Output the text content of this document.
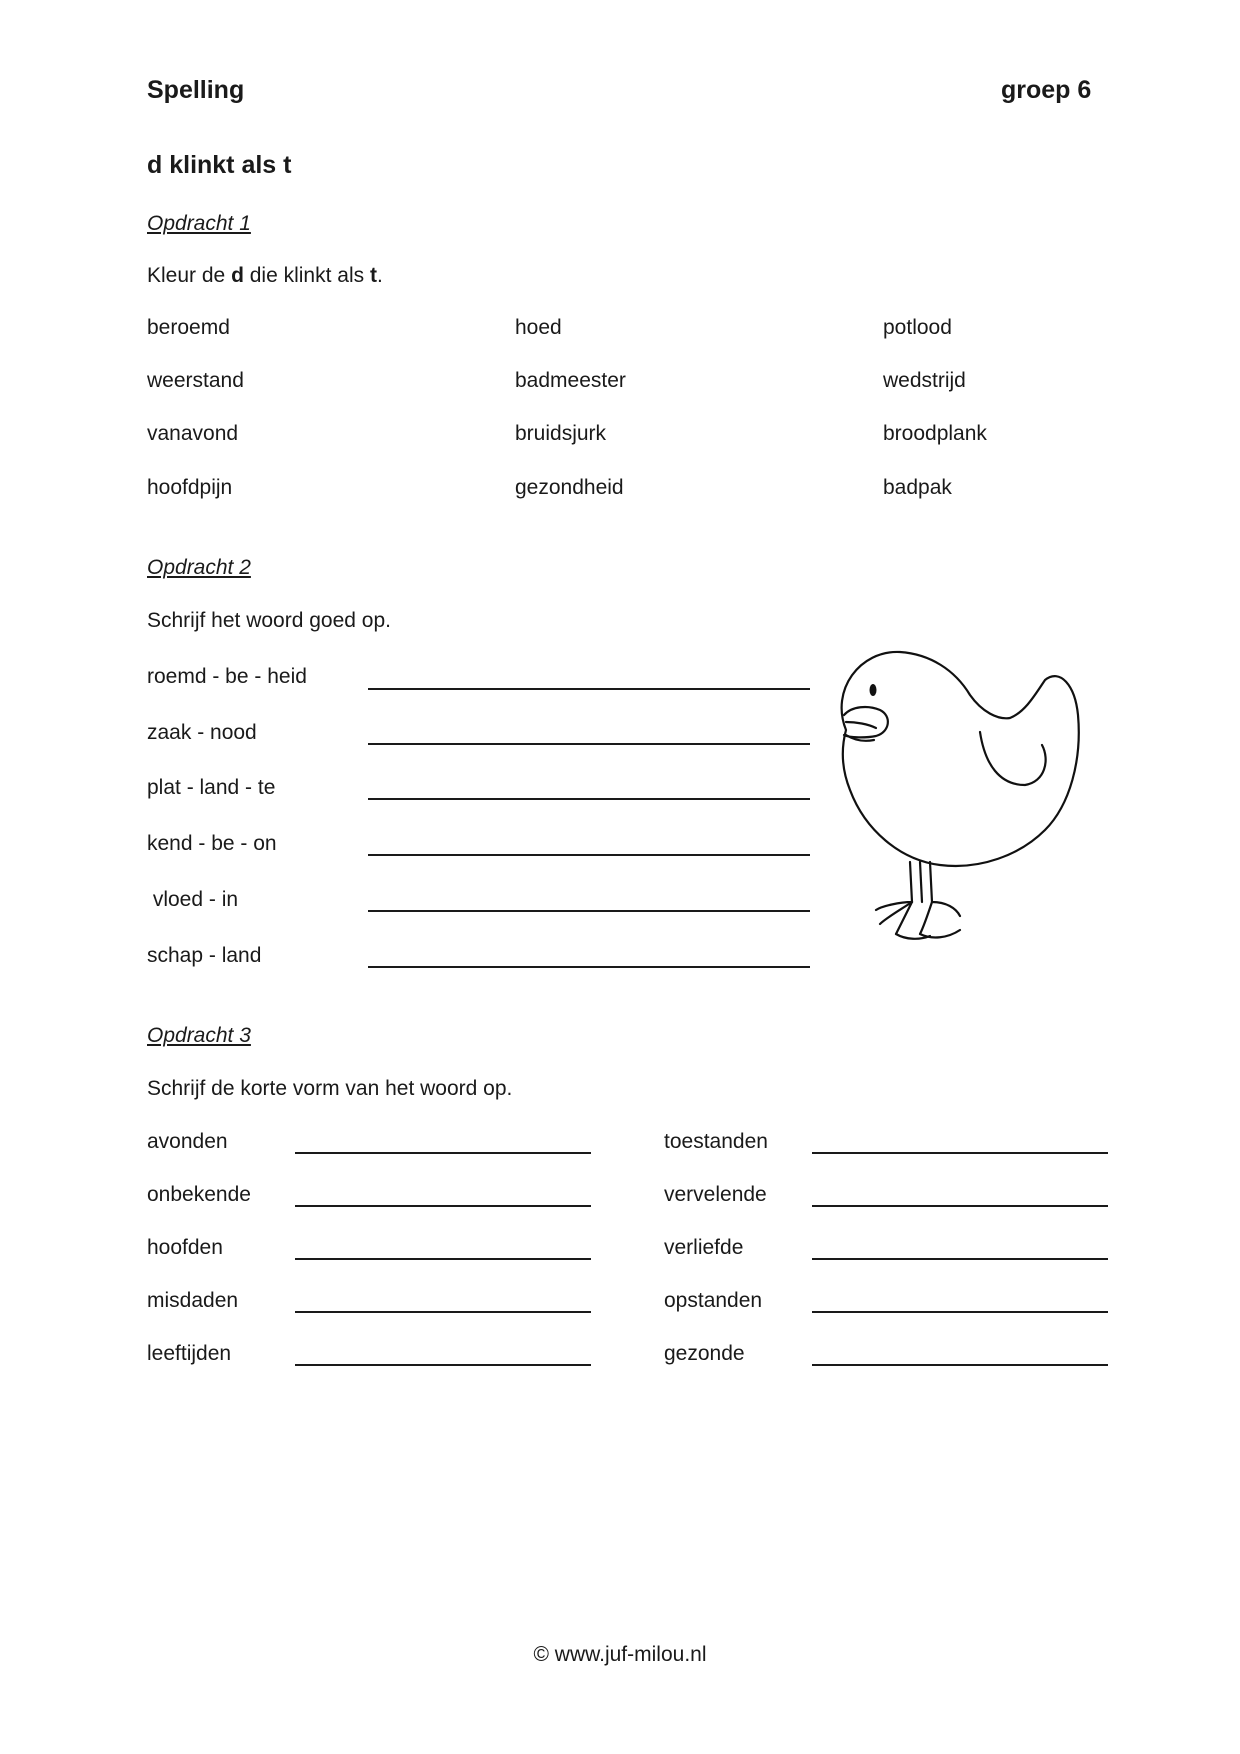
Spelling	groep 6
d klinkt als t
Opdracht 1
Kleur de d die klinkt als t.
beroemd	hoed	potlood
weerstand	badmeester	wedstrijd
vanavond	bruidsjurk	broodplank
hoofdpijn	gezondheid	badpak
Opdracht 2
Schrijf het woord goed op.
roemd - be - heid
zaak - nood
plat - land - te
kend - be - on
vloed - in
schap - land
Opdracht 3
Schrijf de korte vorm van het woord op.
avonden
onbekende
hoofden
misdaden
leeftijden
toestanden
vervelende
verliefde
opstanden
gezonde
© www.juf-milou.nl
